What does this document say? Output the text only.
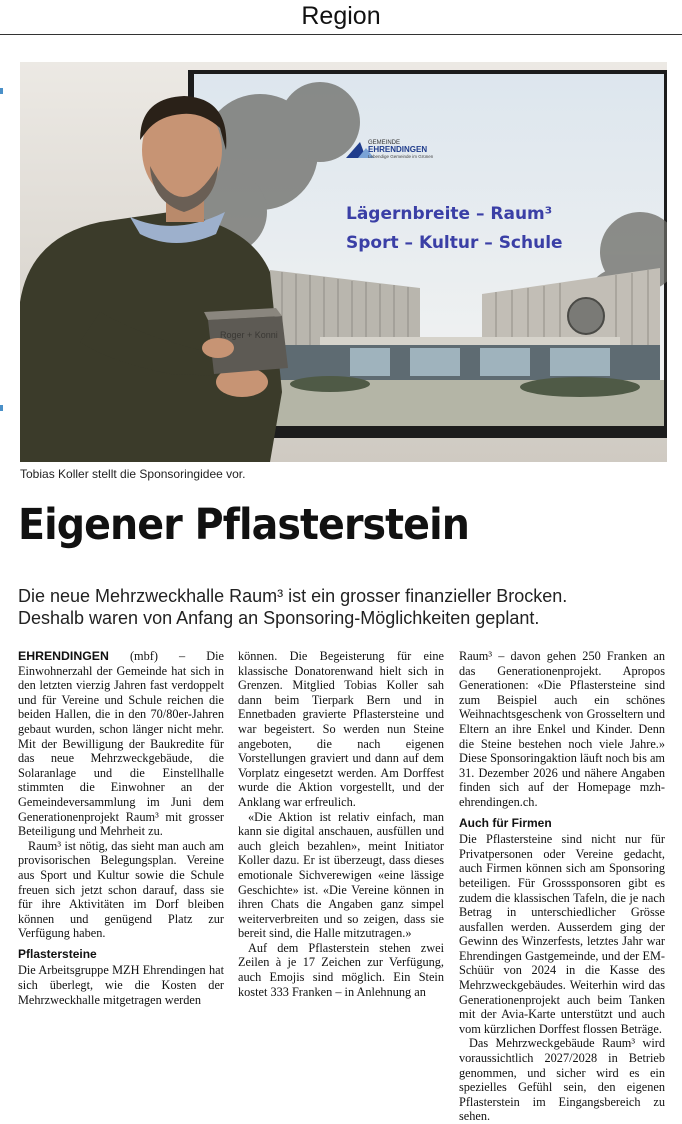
Region
GEMEINDE
EHRENDINGEN
Lebendige Gemeinde im Grünen
Lägernbreite – Raum³
Sport – Kultur – Schule
Roger + Konni
Tobias Koller stellt die Sponsoringidee vor.
Eigener Pflasterstein
Die neue Mehrzweckhalle Raum³ ist ein grosser finanzieller Brocken.
Deshalb waren von Anfang an Sponsoring-Möglichkeiten geplant.

EHRENDINGEN (mbf) – Die Einwohnerzahl der Gemeinde hat sich in den letzten vierzig Jahren fast verdoppelt und für Vereine und Schule reichen die beiden Hallen, die in den 70/80er-Jahren gebaut wurden, schon länger nicht mehr. Mit der Bewilligung der Baukredite für das neue Mehrzweckgebäude, die Solaranlage und die Einstellhalle stimmten die Einwohner an der Gemeindeversammlung im Juni dem Generationenprojekt Raum³ mit grosser Beteiligung und Mehrheit zu.

Raum³ ist nötig, das sieht man auch am provisorischen Belegungsplan. Vereine aus Sport und Kultur sowie die Schule freuen sich jetzt schon darauf, dass sie für ihre Aktivitäten im Dorf bleiben können und genügend Platz zur Verfügung haben.

Pflastersteine

Die Arbeitsgruppe MZH Ehrendingen hat sich überlegt, wie die Kosten der Mehrzweckhalle mitgetragen werden

können. Die Begeisterung für eine klassische Donatorenwand hielt sich in Grenzen. Mitglied Tobias Koller sah dann beim Tierpark Bern und in Ennetbaden gravierte Pflastersteine und war begeistert. So werden nun Steine angeboten, die nach eigenen Vorstellungen graviert und dann auf dem Vorplatz eingesetzt werden. Am Dorffest wurde die Aktion vorgestellt, und der Anklang war erfreulich.

«Die Aktion ist relativ einfach, man kann sie digital anschauen, ausfüllen und auch gleich bezahlen», meint Initiator Koller dazu. Er ist überzeugt, dass dieses emotionale Sichverewigen «eine lässige Geschichte» ist. «Die Vereine können in ihren Chats die Angaben ganz simpel weiterverbreiten und so zeigen, dass sie bereit sind, die Halle mitzutragen.»

Auf dem Pflasterstein stehen zwei Zeilen à je 17 Zeichen zur Verfügung, auch Emojis sind möglich. Ein Stein kostet 333 Franken – in Anlehnung an

Raum³ – davon gehen 250 Franken an das Generationenprojekt. Apropos Generationen: «Die Pflastersteine sind zum Beispiel auch ein schönes Weihnachtsgeschenk von Grosseltern und Eltern an ihre Enkel und Kinder. Denn die Steine bestehen noch viele Jahre.» Diese Sponsoringaktion läuft noch bis am 31. Dezember 2026 und nähere Angaben finden sich auf der Homepage mzh-ehrendingen.ch.

Auch für Firmen

Die Pflastersteine sind nicht nur für Privatpersonen oder Vereine gedacht, auch Firmen können sich am Sponsoring beteiligen. Für Grosssponsoren gibt es zudem die klassischen Tafeln, die je nach Betrag in unterschiedlicher Grösse ausfallen werden. Ausserdem ging der Gewinn des Winzerfests, letztes Jahr war Ehrendingen Gastgemeinde, und der EM-Schüür von 2024 in die Kasse des Mehrzweckgebäudes. Weiterhin wird das Generationenprojekt auch beim Tanken mit der Avia-Karte unterstützt und auch vom kürzlichen Dorffest flossen Beträge.

Das Mehrzweckgebäude Raum³ wird voraussichtlich 2027/2028 in Betrieb genommen, und sicher wird es ein spezielles Gefühl sein, den eigenen Pflasterstein im Eingangsbereich zu sehen.
